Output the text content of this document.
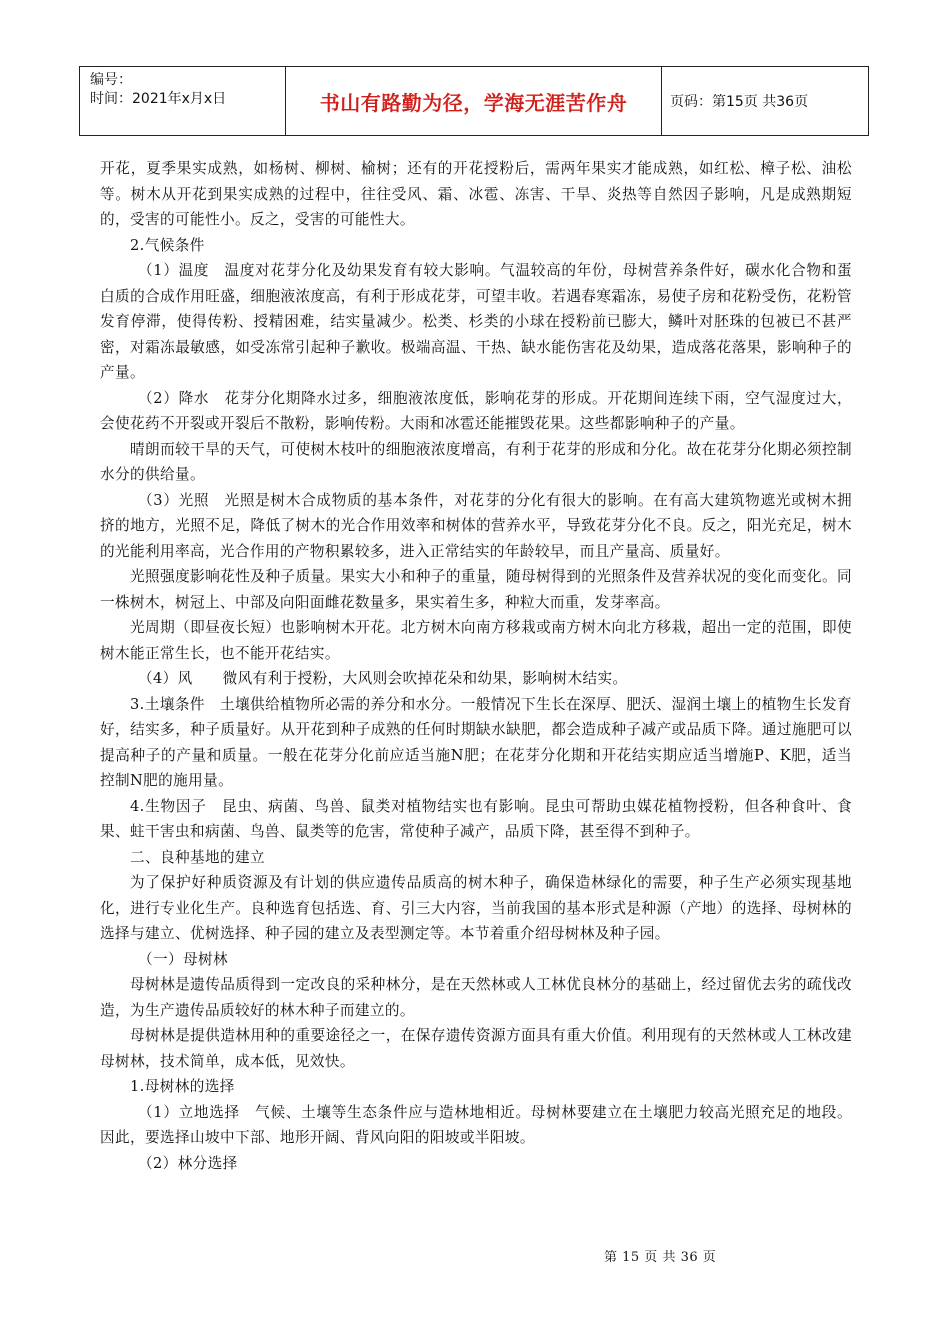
编号：
时间：2021年x月x日	书山有路勤为径，学海无涯苦作舟	页码：第15页 共36页

开花，夏季果实成熟，如杨树、柳树、榆树；还有的开花授粉后，需两年果实才能成熟，如红松、樟子松、油松等。树木从开花到果实成熟的过程中，往往受风、霜、冰雹、冻害、干旱、炎热等自然因子影响，凡是成熟期短的，受害的可能性小。反之，受害的可能性大。

2.气候条件

（1）温度　温度对花芽分化及幼果发育有较大影响。气温较高的年份，母树营养条件好，碳水化合物和蛋白质的合成作用旺盛，细胞液浓度高，有利于形成花芽，可望丰收。若遇春寒霜冻，易使子房和花粉受伤，花粉管发育停滞，使得传粉、授精困难，结实量减少。松类、杉类的小球在授粉前已膨大，鳞叶对胚珠的包被已不甚严密，对霜冻最敏感，如受冻常引起种子歉收。极端高温、干热、缺水能伤害花及幼果，造成落花落果，影响种子的产量。

（2）降水　花芽分化期降水过多，细胞液浓度低，影响花芽的形成。开花期间连续下雨，空气湿度过大，会使花药不开裂或开裂后不散粉，影响传粉。大雨和冰雹还能摧毁花果。这些都影响种子的产量。

晴朗而较干旱的天气，可使树木枝叶的细胞液浓度增高，有利于花芽的形成和分化。故在花芽分化期必须控制水分的供给量。

（3）光照　光照是树木合成物质的基本条件，对花芽的分化有很大的影响。在有高大建筑物遮光或树木拥挤的地方，光照不足，降低了树木的光合作用效率和树体的营养水平，导致花芽分化不良。反之，阳光充足，树木的光能利用率高，光合作用的产物积累较多，进入正常结实的年龄较早，而且产量高、质量好。

光照强度影响花性及种子质量。果实大小和种子的重量，随母树得到的光照条件及营养状况的变化而变化。同一株树木，树冠上、中部及向阳面雌花数量多，果实着生多，种粒大而重，发芽率高。

光周期（即昼夜长短）也影响树木开花。北方树木向南方移栽或南方树木向北方移栽，超出一定的范围，即使树木能正常生长，也不能开花结实。

（4）风　　微风有利于授粉，大风则会吹掉花朵和幼果，影响树木结实。

3.土壤条件　土壤供给植物所必需的养分和水分。一般情况下生长在深厚、肥沃、湿润土壤上的植物生长发育好，结实多，种子质量好。从开花到种子成熟的任何时期缺水缺肥，都会造成种子减产或品质下降。通过施肥可以提高种子的产量和质量。一般在花芽分化前应适当施N肥；在花芽分化期和开花结实期应适当增施P、K肥，适当控制N肥的施用量。

4.生物因子　昆虫、病菌、鸟兽、鼠类对植物结实也有影响。昆虫可帮助虫媒花植物授粉，但各种食叶、食果、蛀干害虫和病菌、鸟兽、鼠类等的危害，常使种子减产，品质下降，甚至得不到种子。

二、良种基地的建立

为了保护好种质资源及有计划的供应遗传品质高的树木种子，确保造林绿化的需要，种子生产必须实现基地化，进行专业化生产。良种选育包括选、育、引三大内容，当前我国的基本形式是种源（产地）的选择、母树林的选择与建立、优树选择、种子园的建立及表型测定等。本节着重介绍母树林及种子园。

（一）母树林

母树林是遗传品质得到一定改良的采种林分，是在天然林或人工林优良林分的基础上，经过留优去劣的疏伐改造，为生产遗传品质较好的林木种子而建立的。

母树林是提供造林用种的重要途径之一，在保存遗传资源方面具有重大价值。利用现有的天然林或人工林改建母树林，技术简单，成本低，见效快。

1.母树林的选择

（1）立地选择　气候、土壤等生态条件应与造林地相近。母树林要建立在土壤肥力较高光照充足的地段。因此，要选择山坡中下部、地形开阔、背风向阳的阳坡或半阳坡。

（2）林分选择

第 15 页 共 36 页
